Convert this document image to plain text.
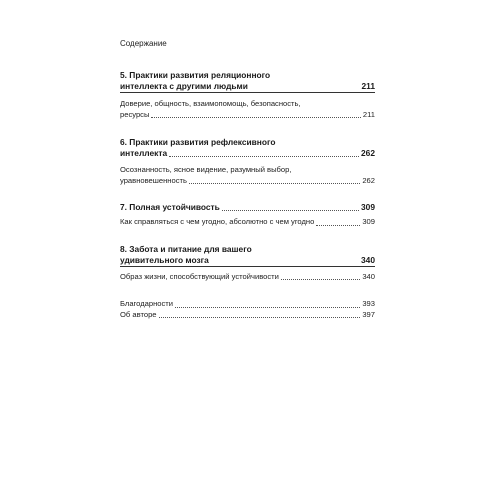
Содержание
5. Практики развития реляционного
интеллекта с другими людьми	211
Доверие, общность, взаимопомощь, безопасность,
ресурсы	211
6. Практики развития рефлексивного
интеллекта	262
Осознанность, ясное видение, разумный выбор,
уравновешенность	262
7. Полная устойчивость	309
Как справляться с чем угодно, абсолютно с чем угодно	309
8. Забота и питание для вашего
удивительного мозга	340
Образ жизни, способствующий устойчивости	340
Благодарности	393
Об авторе	397
